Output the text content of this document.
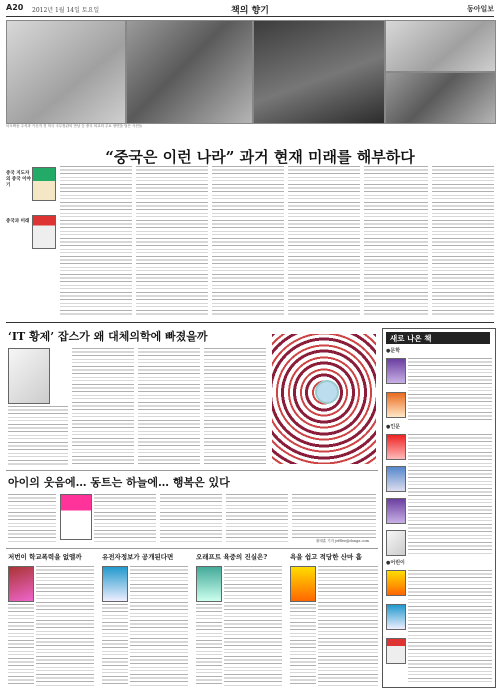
A20 2012년 1월 14일 토요일	책의 향기	동아일보
마오쩌둥 주석과 키신저 전 미국 국무장관의 만남 등 중국 외교의 주요 장면을 담은 사진들
“중국은 이런 나라” 과거 현재 미래를 해부하다
중국 지도자의 중국 이야기
중국과 미래
‘IT 황제’ 잡스가 왜 대체의학에 빠졌을까
아이의 웃음에… 동트는 하늘에… 행복은 있다
황태훈 기자 jefflee@donga.com
저번이 학교폭력을 없앨까	유전자정보가 공개된다면	오래프트 육중의 진실은?	욕을 쉽고 적당한 산마 흡
새로 나온 책
●문학
●인문
●어린이
